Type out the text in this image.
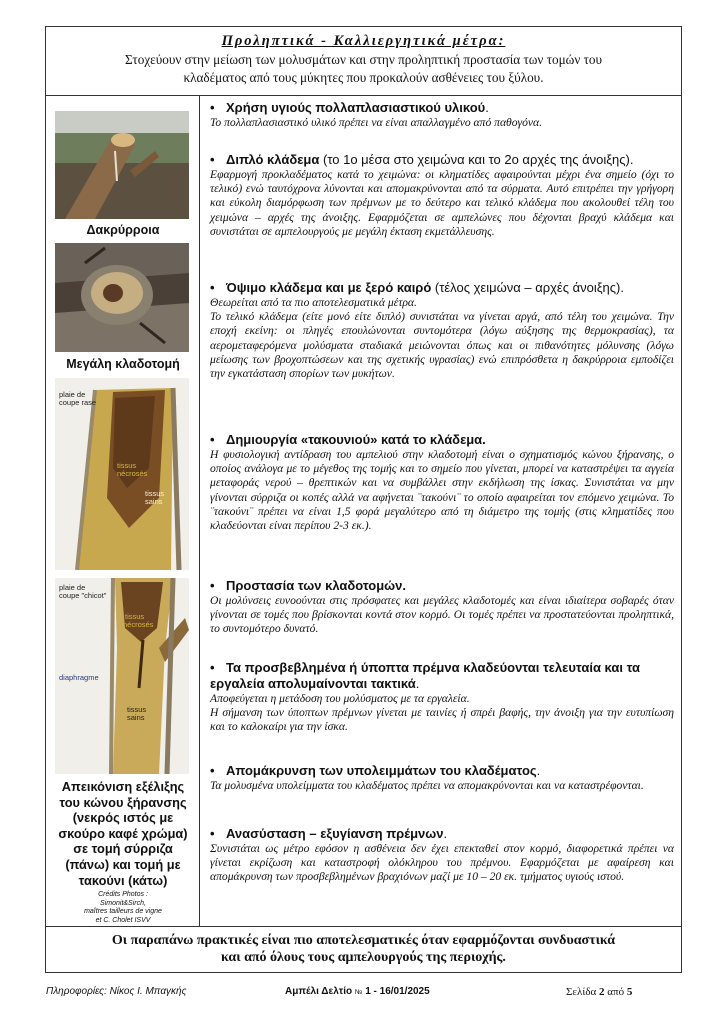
Προληπτικά - Καλλιεργητικά μέτρα:
Στοχεύουν στην μείωση των μολυσμάτων και στην προληπτική προστασία των τομών του
κλαδέματος από τους μύκητες που προκαλούν ασθένειες του ξύλου.
Δακρύρροια
Μεγάλη κλαδοτομή
plaie de
coupe rase
tissus
nécrosés
tissus
sains
plaie de
coupe "chicot"
tissus
nécrosés
diaphragme
tissus
sains
Απεικόνιση εξέλιξης
του κώνου ξήρανσης
(νεκρός ιστός με
σκούρο καφέ χρώμα)
σε τομή σύρριζα
(πάνω) και τομή με
τακούνι (κάτω)
Crédits Photos :
Simonit&Sirch,
maîtres tailleurs de vigne
et C. Cholet ISVV
• Χρήση υγιούς πολλαπλασιαστικού υλικού.

Το πολλαπλασιαστικό υλικό πρέπει να είναι απαλλαγμένο από παθογόνα.

• Διπλό κλάδεμα (το 1ο μέσα στο χειμώνα και το 2ο αρχές της άνοιξης).

Εφαρμογή προκλαδέματος κατά το χειμώνα: οι κληματίδες αφαιρούνται μέχρι ένα σημείο (όχι το τελικό) ενώ ταυτόχρονα λύνονται και απομακρύνονται από τα σύρματα. Αυτό επιτρέπει την γρήγορη και εύκολη διαμόρφωση των πρέμνων με το δεύτερο και τελικό κλάδεμα που ακολουθεί τέλη του χειμώνα – αρχές της άνοιξης. Εφαρμόζεται σε αμπελώνες που δέχονται βραχύ κλάδεμα και συνιστάται σε αμπελουργούς με μεγάλη έκταση εκμετάλλευσης.

• Όψιμο κλάδεμα και με ξερό καιρό (τέλος χειμώνα – αρχές άνοιξης).

Θεωρείται από τα πιο αποτελεσματικά μέτρα.

Το τελικό κλάδεμα (είτε μονό είτε διπλό) συνιστάται να γίνεται αργά, από τέλη του χειμώνα. Την εποχή εκείνη: οι πληγές επουλώνονται συντομότερα (λόγω αύξησης της θερμοκρασίας), τα αερομεταφερόμενα μολύσματα σταδιακά μειώνονται όπως και οι πιθανότητες μόλυνσης (λόγω μείωσης των βροχοπτώσεων και της σχετικής υγρασίας) ενώ επιπρόσθετα η δακρύρροια εμποδίζει την εγκατάσταση σπορίων των μυκήτων.

• Δημιουργία «τακουνιού» κατά το κλάδεμα.

Η φυσιολογική αντίδραση του αμπελιού στην κλαδοτομή είναι ο σχηματισμός κώνου ξήρανσης, ο οποίος ανάλογα με το μέγεθος της τομής και το σημείο που γίνεται, μπορεί να καταστρέψει τα αγγεία μεταφοράς νερού – θρεπτικών και να συμβάλλει στην εκδήλωση της ίσκας. Συνιστάται να μην γίνονται σύρριζα οι κοπές αλλά να αφήνεται ¨τακούνι¨ το οποίο αφαιρείται τον επόμενο χειμώνα. Το ¨τακούνι¨ πρέπει να είναι 1,5 φορά μεγαλύτερο από τη διάμετρο της τομής (στις κληματίδες που κλαδεύονται είναι περίπου 2-3 εκ.).

• Προστασία των κλαδοτομών.

Οι μολύνσεις ευνοούνται στις πρόσφατες και μεγάλες κλαδοτομές και είναι ιδιαίτερα σοβαρές όταν γίνονται σε τομές που βρίσκονται κοντά στον κορμό. Οι τομές πρέπει να προστατεύονται προληπτικά, το συντομότερο δυνατό.

• Τα προσβεβλημένα ή ύποπτα πρέμνα κλαδεύονται τελευταία και τα εργαλεία απολυμαίνονται τακτικά.

Αποφεύγεται η μετάδοση του μολύσματος με τα εργαλεία.

Η σήμανση των ύποπτων πρέμνων γίνεται με ταινίες ή σπρέι βαφής, την άνοιξη για την ευτυπίωση και το καλοκαίρι για την ίσκα.

• Απομάκρυνση των υπολειμμάτων του κλαδέματος.

Τα μολυσμένα υπολείμματα του κλαδέματος πρέπει να απομακρύνονται και να καταστρέφονται.

• Ανασύσταση – εξυγίανση πρέμνων.

Συνιστάται ως μέτρο εφόσον η ασθένεια δεν έχει επεκταθεί στον κορμό, διαφορετικά πρέπει να γίνεται εκρίζωση και καταστροφή ολόκληρου του πρέμνου. Εφαρμόζεται με αφαίρεση και απομάκρυνση των προσβεβλημένων βραχιόνων μαζί με 10 – 20 εκ. τμήματος υγιούς ιστού.

Οι παραπάνω πρακτικές είναι πιο αποτελεσματικές όταν εφαρμόζονται συνδυαστικά
και από όλους τους αμπελουργούς της περιοχής.
Πληροφορίες: Νίκος Ι. Μπαγκής	Αμπέλι Δελτίο № 1 - 16/01/2025	Σελίδα 2 από 5
